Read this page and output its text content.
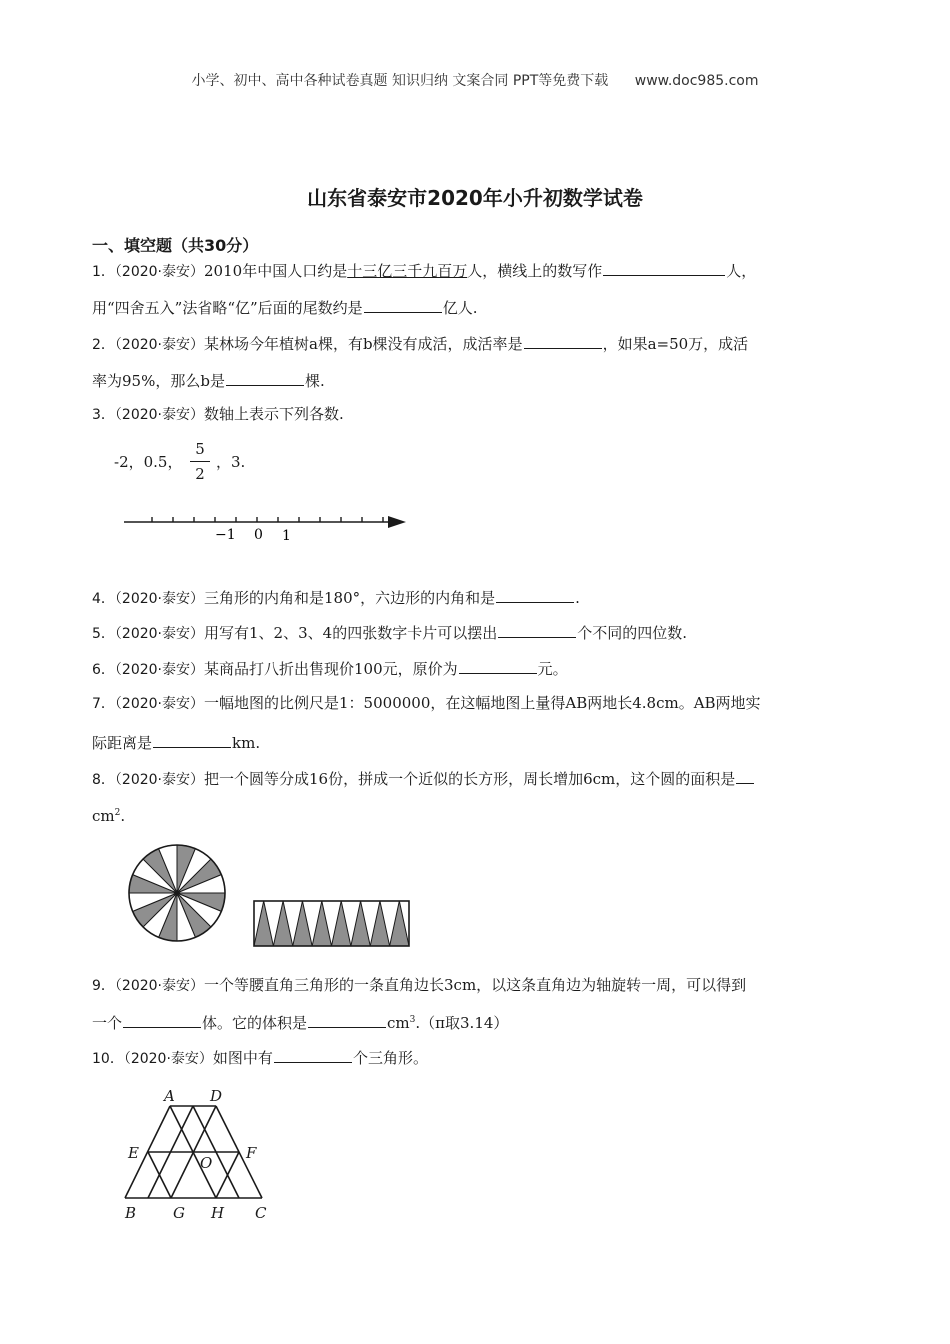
小学、初中、高中各种试卷真题 知识归纳 文案合同 PPT等免费下载 www.doc985.com
山东省泰安市2020年小升初数学试卷
一、填空题（共30分）
1．（2020·泰安）2010年中国人口约是十三亿三千九百万人，横线上的数写作	人，
用“四舍五入”法省略“亿”后面的尾数约是	亿人.
2．（2020·泰安）某林场今年植树a棵，有b棵没有成活，成活率是	，如果a=50万，成活
率为95%，那么b是	棵.
3．（2020·泰安）数轴上表示下列各数.
-2，0.5，
5
2
，3.
−1 0 1
4．（2020·泰安）三角形的内角和是180°，六边形的内角和是	.
5．（2020·泰安）用写有1、2、3、4的四张数字卡片可以摆出	个不同的四位数.
6．（2020·泰安）某商品打八折出售现价100元，原价为	元。
7．（2020·泰安）一幅地图的比例尺是1：5000000，在这幅地图上量得AB两地长4.8cm。AB两地实
际距离是	km.
8．（2020·泰安）把一个圆等分成16份，拼成一个近似的长方形，周长增加6cm，这个圆的面积是
$cm^2$.
9．（2020·泰安）一个等腰直角三角形的一条直角边长3cm，以这条直角边为轴旋转一周，可以得到
一个	体。它的体积是	$cm^3.(\pi$取3.14）
10．（2020·泰安）如图中有	个三角形。
A D
E	F
O
B G H C
